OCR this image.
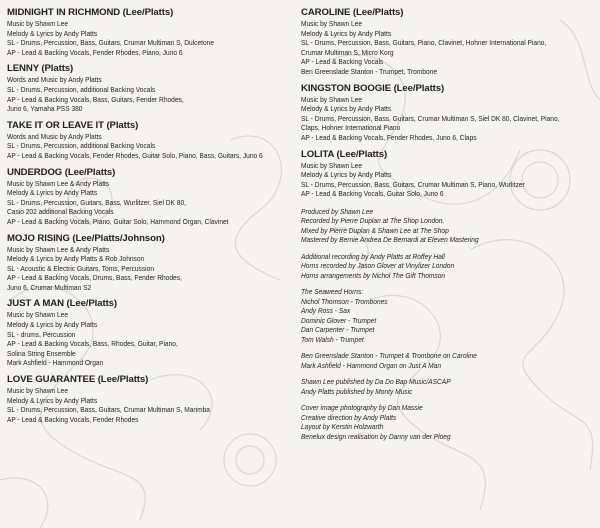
MIDNIGHT IN RICHMOND (Lee/Platts)
Music by Shawn Lee
Melody & Lyrics by Andy Platts
SL - Drums, Percussion, Bass, Guitars, Crumar Multiman S, Dulcetone
AP - Lead & Backing Vocals, Fender Rhodes, Piano, Juno 6
LENNY (Platts)
Words and Music by Andy Platts
SL - Drums, Percussion, additional Backing Vocals
AP - Lead & Backing Vocals, Bass, Guitars, Fender Rhodes,
Juno 6, Yamaha PSS 380
TAKE IT OR LEAVE IT (Platts)
Words and Music by Andy Platts
SL - Drums, Percussion, additional Backing Vocals
AP - Lead & Backing Vocals, Fender Rhodes, Guitar Solo, Piano, Bass, Guitars, Juno 6
UNDERDOG (Lee/Platts)
Music by Shawn Lee & Andy Platts
Melody & Lyrics by Andy Platts
SL - Drums, Percussion, Guitars, Bass, Wurlitzer, Siel DK 80,
Casio 202 additional Backing Vocals
AP - Lead & Backing Vocals, Piano, Guitar Solo, Hammond Organ, Clavinet
MOJO RISING (Lee/Platts/Johnson)
Music by Shawn Lee & Andy Platts
Melody & Lyrics by Andy Platts & Rob Johnson
SL - Acoustic & Electric Guitars, Toms, Percussion
AP - Lead & Backing Vocals, Drums, Bass, Fender Rhodes,
Juno 6, Crumar Multiman S2
JUST A MAN (Lee/Platts)
Music by Shawn Lee
Melody & Lyrics by Andy Platts
SL - drums, Percussion
AP - Lead & Backing Vocals, Bass, Rhodes, Guitar, Piano,
Solina String Ensemble
Mark Ashfield - Hammond Organ
LOVE GUARANTEE (Lee/Platts)
Music by Shawn Lee
Melody & Lyrics by Andy Platts
SL - Drums, Percussion, Bass, Guitars, Crumar Multiman S, Marimba
AP - Lead & Backing Vocals, Fender Rhodes
CAROLINE (Lee/Platts)
Music by Shawn Lee
Melody & Lyrics by Andy Platts
SL - Drums, Percussion, Bass, Guitars, Piano, Clavinet, Hohner International Piano,
Crumar Multiman S, Micro Korg
AP - Lead & Backing Vocals
Ben Greenslade Stanton - Trumpet, Trombone
KINGSTON BOOGIE (Lee/Platts)
Music by Shawn Lee
Melody & Lyrics by Andy Platts
SL - Drums, Percussion, Bass, Guitars, Crumar Multiman S, Siel DK 80, Clavinet, Piano,
Claps, Hohner International Piano
AP - Lead & Backing Vocals, Fender Rhodes, Juno 6, Claps
LOLITA (Lee/Platts)
Music by Shawn Lee
Melody & Lyrics by Andy Platts
SL - Drums, Percussion, Bass, Guitars, Crumar Multiman S, Piano, Wurlitzer
AP - Lead & Backing Vocals, Guitar Solo, Juno 6
Produced by Shawn Lee
Recorded by Pierre Duplan at The Shop London.
Mixed by Pierre Duplan & Shawn Lee at The Shop
Mastered by Bernie Andrea De Bernardi at Eleven Mastering
Additional recording by Andy Platts at Roffey Hall
Horns recorded by Jason Glover at Vinylizer London
Horns arrangements by Nichol The Gift Thomson
The Seaweed Horns:
Nichol Thomson - Trombones
Andy Ross - Sax
Dominic Glover - Trumpet
Dan Carpenter - Trumpet
Tom Walsh - Trumpet
Ben Greenslade Stanton - Trumpet & Trombone on Caroline
Mark Ashfield - Hammond Organ on Just A Man
Shawn Lee published by Da Do Bap Music/ASCAP
Andy Platts published by Monty Music
Cover image photography by Dan Massie
Creative direction by Andy Platts
Layout by Kerstin Holzwarth
Benelux design realisation by Danny van der Ploeg
